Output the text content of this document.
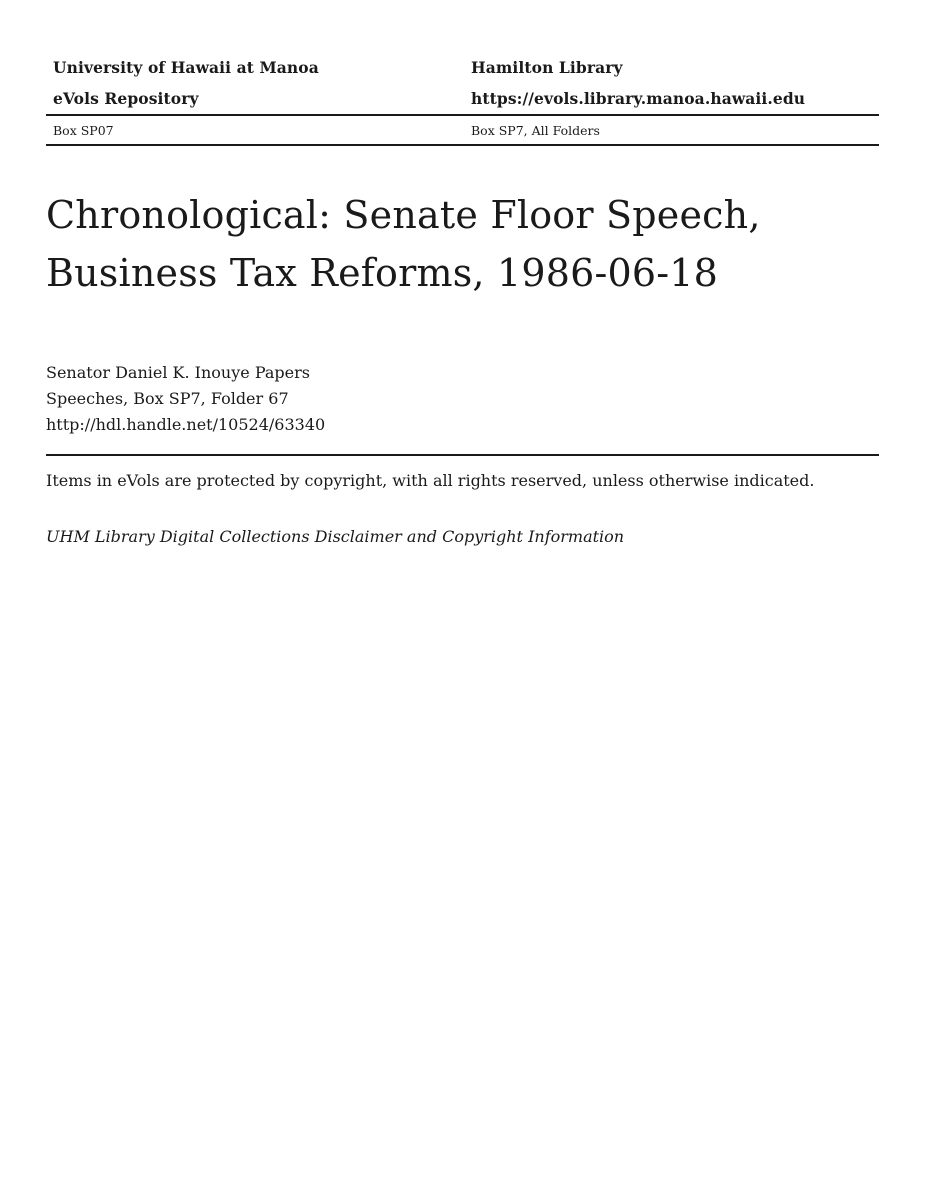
University of Hawaii at Manoa	Hamilton Library
eVols Repository	https://evols.library.manoa.hawaii.edu
Box SP07	Box SP7, All Folders
Chronological: Senate Floor Speech,
Business Tax Reforms, 1986-06-18
Senator Daniel K. Inouye Papers
Speeches, Box SP7, Folder 67
http://hdl.handle.net/10524/63340
Items in eVols are protected by copyright, with all rights reserved, unless otherwise indicated.
UHM Library Digital Collections Disclaimer and Copyright Information
